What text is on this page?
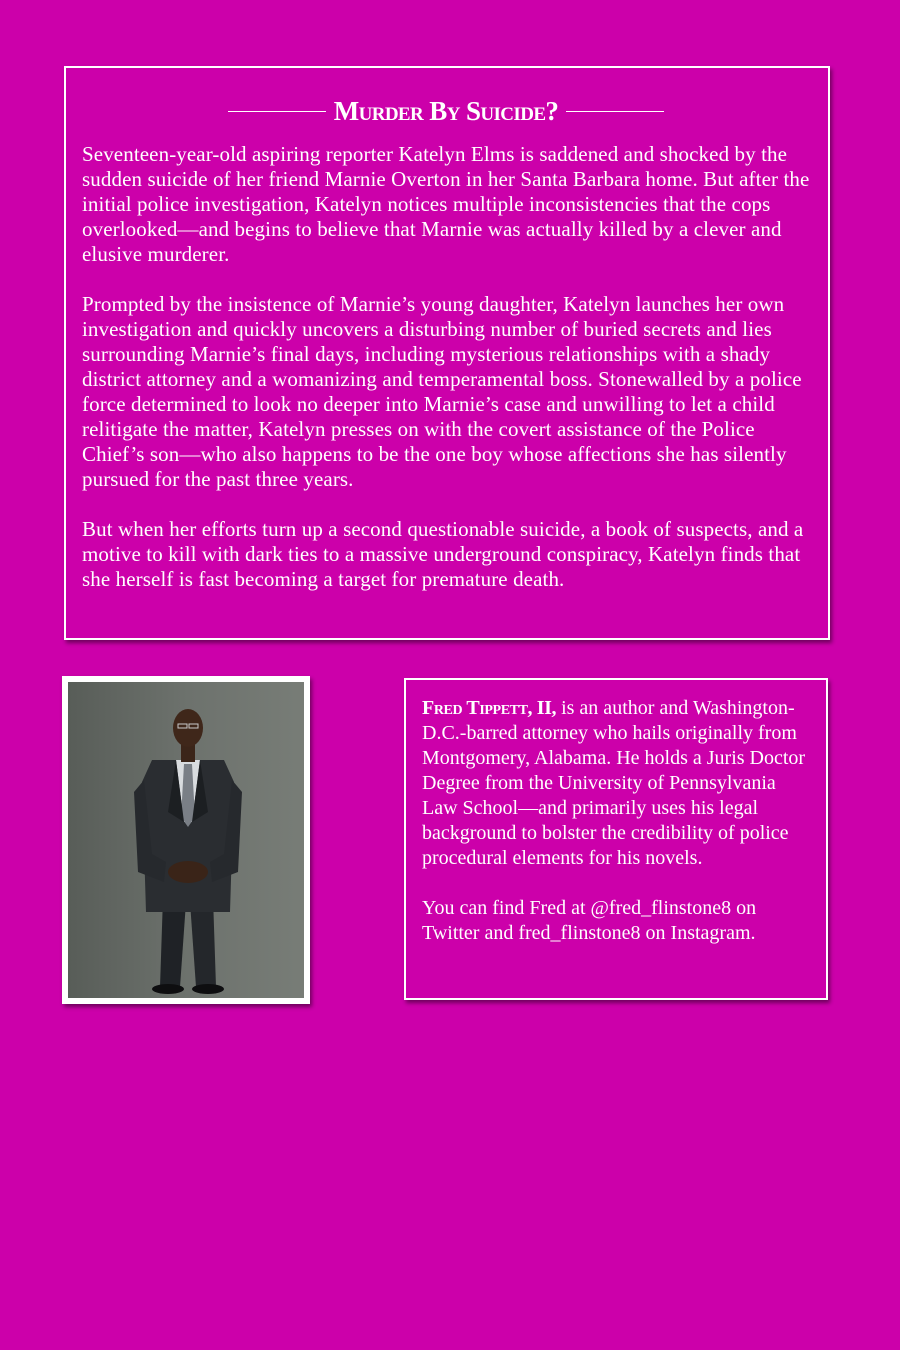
Murder By Suicide?

Seventeen-year-old aspiring reporter Katelyn Elms is saddened and shocked by the sudden suicide of her friend Marnie Overton in her Santa Barbara home. But after the initial police investigation, Katelyn notices multiple inconsistencies that the cops overlooked—and begins to believe that Marnie was actually killed by a clever and elusive murderer.

Prompted by the insistence of Marnie’s young daughter, Katelyn launches her own investigation and quickly uncovers a disturbing number of buried secrets and lies surrounding Marnie’s final days, including mysterious relationships with a shady district attorney and a womanizing and temperamental boss. Stonewalled by a police force determined to look no deeper into Marnie’s case and unwilling to let a child relitigate the matter, Katelyn presses on with the covert assistance of the Police Chief’s son—who also happens to be the one boy whose affections she has silently pursued for the past three years.

But when her efforts turn up a second questionable suicide, a book of suspects, and a motive to kill with dark ties to a massive underground conspiracy, Katelyn finds that she herself is fast becoming a target for premature death.

Fred Tippett, II, is an author and Washington-D.C.-barred attorney who hails originally from Montgomery, Alabama. He holds a Juris Doctor Degree from the University of Pennsylvania Law School—and primarily uses his legal background to bolster the credibility of police procedural elements for his novels.

You can find Fred at @fred_flinstone8 on Twitter and fred_flinstone8 on Instagram.
